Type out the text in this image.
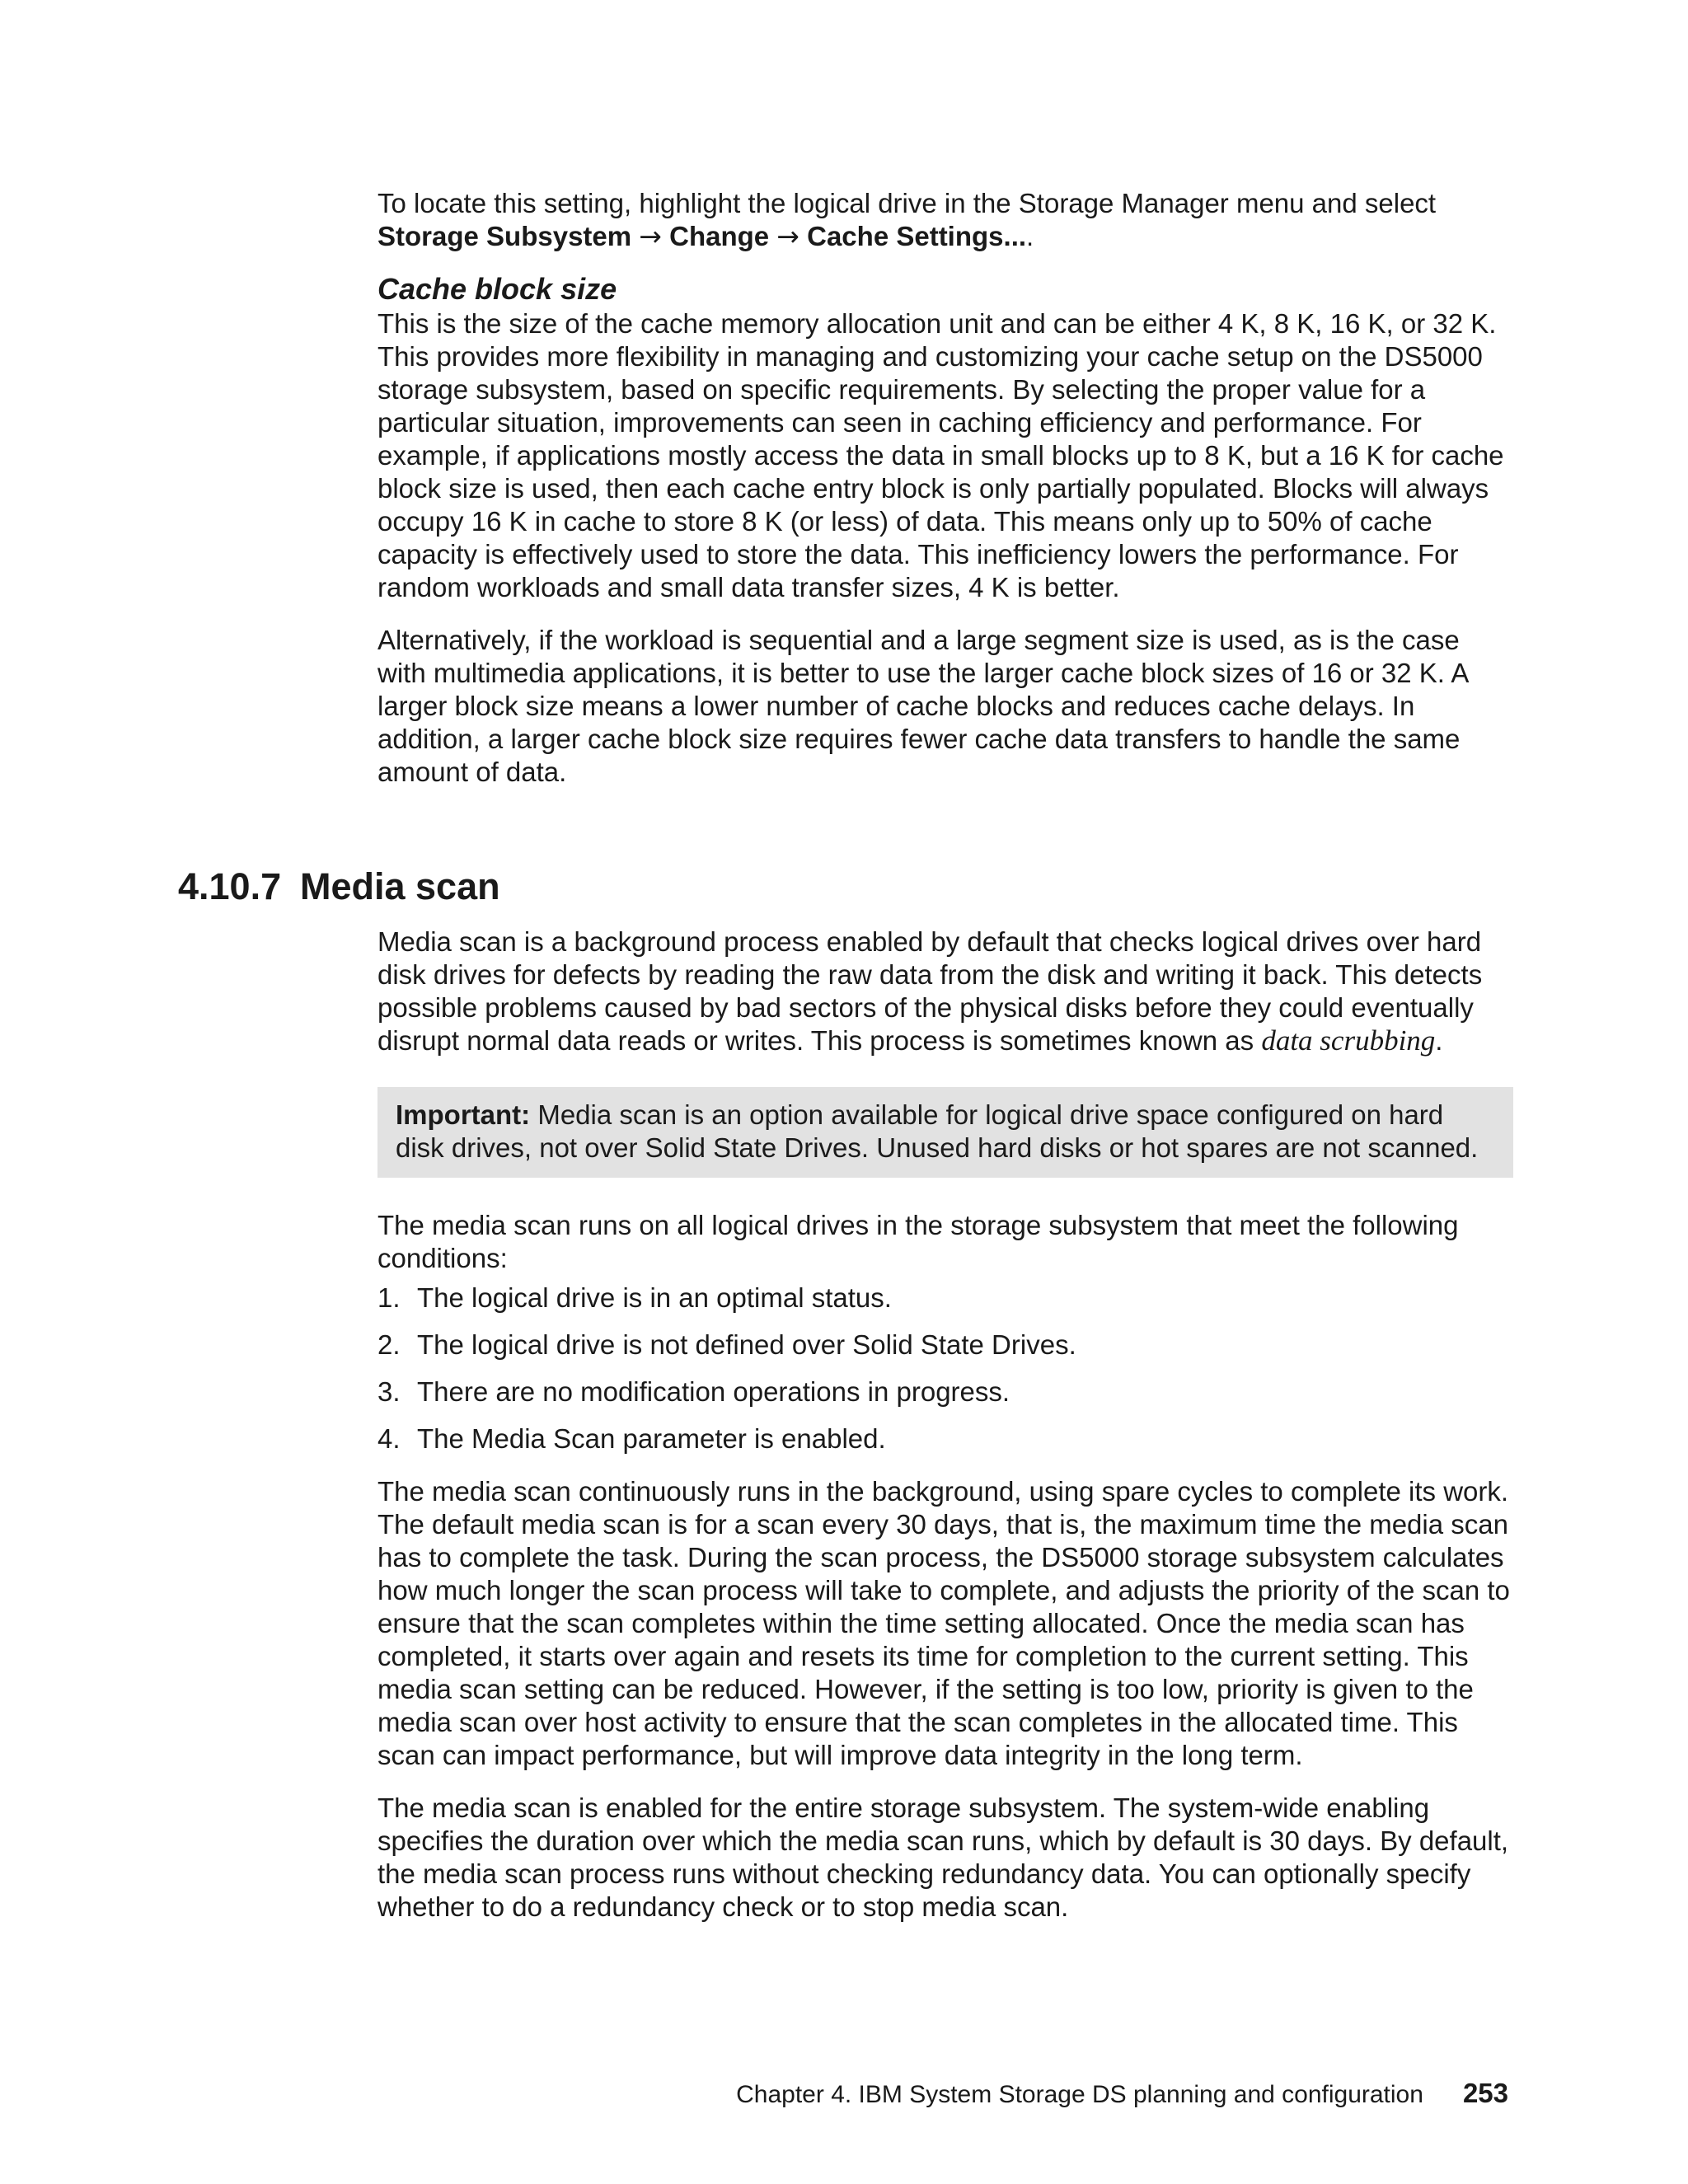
To locate this setting, highlight the logical drive in the Storage Manager menu and select
Storage Subsystem → Change → Cache Settings....

Cache block size

This is the size of the cache memory allocation unit and can be either 4 K, 8 K, 16 K, or 32 K. This provides more flexibility in managing and customizing your cache setup on the DS5000 storage subsystem, based on specific requirements. By selecting the proper value for a particular situation, improvements can seen in caching efficiency and performance. For example, if applications mostly access the data in small blocks up to 8 K, but a 16 K for cache block size is used, then each cache entry block is only partially populated. Blocks will always occupy 16 K in cache to store 8 K (or less) of data. This means only up to 50% of cache capacity is effectively used to store the data. This inefficiency lowers the performance. For random workloads and small data transfer sizes, 4 K is better.

Alternatively, if the workload is sequential and a large segment size is used, as is the case with multimedia applications, it is better to use the larger cache block sizes of 16 or 32 K. A larger block size means a lower number of cache blocks and reduces cache delays. In addition, a larger cache block size requires fewer cache data transfers to handle the same amount of data.

4.10.7 Media scan

Media scan is a background process enabled by default that checks logical drives over hard disk drives for defects by reading the raw data from the disk and writing it back. This detects possible problems caused by bad sectors of the physical disks before they could eventually disrupt normal data reads or writes. This process is sometimes known as data scrubbing.

Important: Media scan is an option available for logical drive space configured on hard disk drives, not over Solid State Drives. Unused hard disks or hot spares are not scanned.

The media scan runs on all logical drives in the storage subsystem that meet the following conditions:

1. The logical drive is in an optimal status.
2. The logical drive is not defined over Solid State Drives.
3. There are no modification operations in progress.
4. The Media Scan parameter is enabled.

The media scan continuously runs in the background, using spare cycles to complete its work. The default media scan is for a scan every 30 days, that is, the maximum time the media scan has to complete the task. During the scan process, the DS5000 storage subsystem calculates how much longer the scan process will take to complete, and adjusts the priority of the scan to ensure that the scan completes within the time setting allocated. Once the media scan has completed, it starts over again and resets its time for completion to the current setting. This media scan setting can be reduced. However, if the setting is too low, priority is given to the media scan over host activity to ensure that the scan completes in the allocated time. This scan can impact performance, but will improve data integrity in the long term.

The media scan is enabled for the entire storage subsystem. The system-wide enabling specifies the duration over which the media scan runs, which by default is 30 days. By default, the media scan process runs without checking redundancy data. You can optionally specify whether to do a redundancy check or to stop media scan.

Chapter 4. IBM System Storage DS planning and configuration 253
